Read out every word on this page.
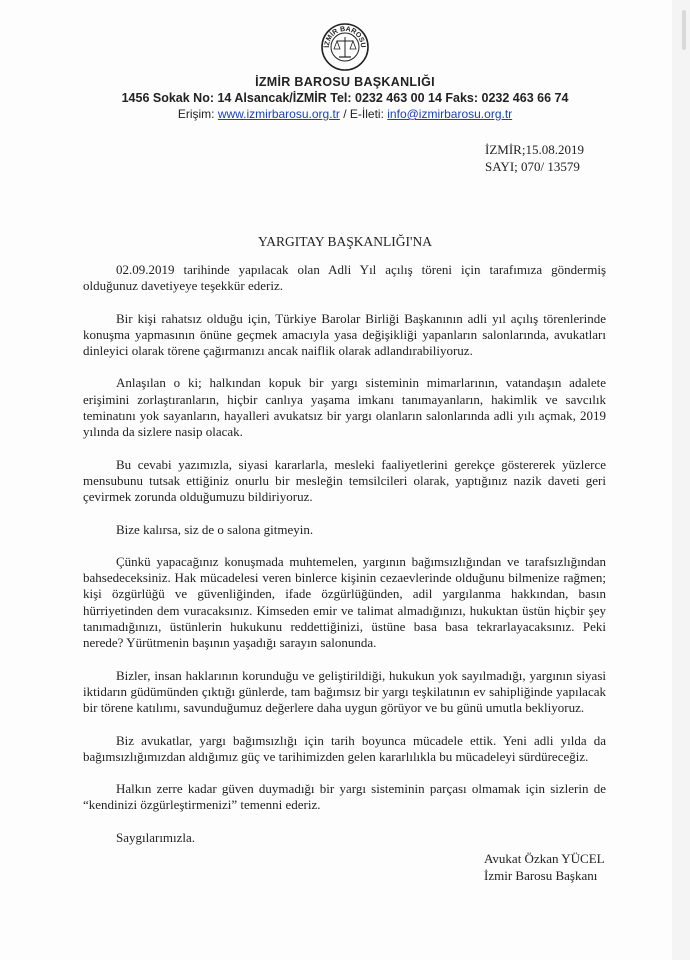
İZMİR BAROSU
İZMİR BAROSU BAŞKANLIĞI
1456 Sokak No: 14 Alsancak/İZMİR Tel: 0232 463 00 14 Faks: 0232 463 66 74
Erişim: www.izmirbarosu.org.tr / E-İleti: info@izmirbarosu.org.tr
İZMİR;15.08.2019
SAYI; 070/ 13579
YARGITAY BAŞKANLIĞI'NA

02.09.2019 tarihinde yapılacak olan Adli Yıl açılış töreni için tarafımıza göndermiş olduğunuz davetiyeye teşekkür ederiz.

Bir kişi rahatsız olduğu için, Türkiye Barolar Birliği Başkanının adli yıl açılış törenlerinde konuşma yapmasının önüne geçmek amacıyla yasa değişikliği yapanların salonlarında, avukatları dinleyici olarak törene çağırmanızı ancak naiflik olarak adlandırabiliyoruz.

Anlaşılan o ki; halkından kopuk bir yargı sisteminin mimarlarının, vatandaşın adalete erişimini zorlaştıranların, hiçbir canlıya yaşama imkanı tanımayanların, hakimlik ve savcılık teminatını yok sayanların, hayalleri avukatsız bir yargı olanların salonlarında adli yılı açmak, 2019 yılında da sizlere nasip olacak.

Bu cevabi yazımızla, siyasi kararlarla, mesleki faaliyetlerini gerekçe göstererek yüzlerce mensubunu tutsak ettiğiniz onurlu bir mesleğin temsilcileri olarak, yaptığınız nazik daveti geri çevirmek zorunda olduğumuzu bildiriyoruz.

Bize kalırsa, siz de o salona gitmeyin.

Çünkü yapacağınız konuşmada muhtemelen, yargının bağımsızlığından ve tarafsızlığından bahsedeceksiniz. Hak mücadelesi veren binlerce kişinin cezaevlerinde olduğunu bilmenize rağmen; kişi özgürlüğü ve güvenliğinden, ifade özgürlüğünden, adil yargılanma hakkından, basın hürriyetinden dem vuracaksınız. Kimseden emir ve talimat almadığınızı, hukuktan üstün hiçbir şey tanımadığınızı, üstünlerin hukukunu reddettiğinizi, üstüne basa basa tekrarlayacaksınız. Peki nerede? Yürütmenin başının yaşadığı sarayın salonunda.

Bizler, insan haklarının korunduğu ve geliştirildiği, hukukun yok sayılmadığı, yargının siyasi iktidarın güdümünden çıktığı günlerde, tam bağımsız bir yargı teşkilatının ev sahipliğinde yapılacak bir törene katılımı, savunduğumuz değerlere daha uygun görüyor ve bu günü umutla bekliyoruz.

Biz avukatlar, yargı bağımsızlığı için tarih boyunca mücadele ettik. Yeni adli yılda da bağımsızlığımızdan aldığımız güç ve tarihimizden gelen kararlılıkla bu mücadeleyi sürdüreceğiz.

Halkın zerre kadar güven duymadığı bir yargı sisteminin parçası olmamak için sizlerin de “kendinizi özgürleştirmenizi” temenni ederiz.

Saygılarımızla.

Avukat Özkan YÜCEL
İzmir Barosu Başkanı
